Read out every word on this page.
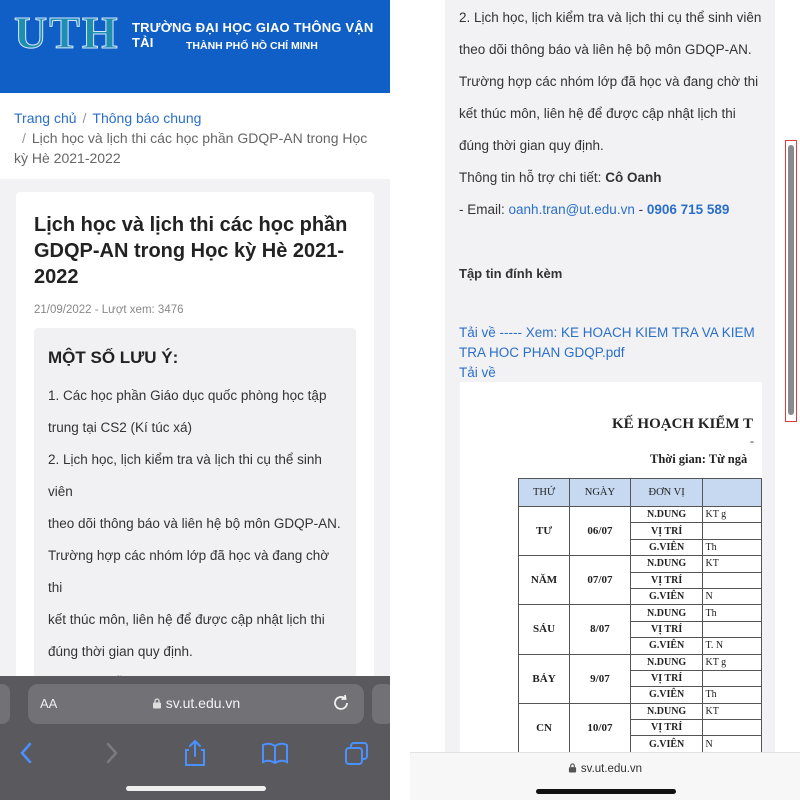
UTH TRƯỜNG ĐẠI HỌC GIAO THÔNG VẬN TẢI	THÀNH PHỐ HỒ CHÍ MINH
Trang chủ / Thông báo chung
/ Lịch học và lịch thi các học phần GDQP-AN trong Học kỳ Hè 2021-2022
Lịch học và lịch thi các học phần GDQP-AN trong Học kỳ Hè 2021-2022
21/09/2022 - Lượt xem: 3476
MỘT SỐ LƯU Ý:
1. Các học phần Giáo dục quốc phòng học tập
trung tại CS2 (Kí túc xá)
2. Lịch học, lịch kiểm tra và lịch thi cụ thể sinh viên
theo dõi thông báo và liên hệ bộ môn GDQP-AN.
Trường hợp các nhóm lớp đã học và đang chờ thi
kết thúc môn, liên hệ để được cập nhật lịch thi
đúng thời gian quy định.
AA	sv.ut.edu.vn
2. Lịch học, lịch kiểm tra và lịch thi cụ thể sinh viên
theo dõi thông báo và liên hệ bộ môn GDQP-AN.
Trường hợp các nhóm lớp đã học và đang chờ thi
kết thúc môn, liên hệ để được cập nhật lịch thi
đúng thời gian quy định.
Thông tin hỗ trợ chi tiết: Cô Oanh
- Email: oanh.tran@ut.edu.vn - 0906 715 589
Tập tin đính kèm
Tải về ----- Xem: KE HOACH KIEM TRA VA KIEM
TRA HOC PHAN GDQP.pdf
Tải về
KẾ HOẠCH KIỂM T
-
Thời gian: Từ ngà
THỨ	NGÀY	ĐƠN VỊ	
TƯ	06/07	N.DUNG	KT g
		VỊ TRÍ	
		G.VIÊN	Th
NĂM	07/07	N.DUNG	KT
		VỊ TRÍ	
		G.VIÊN	N
SÁU	8/07	N.DUNG	Th
		VỊ TRÍ	
		G.VIÊN	T. N
BẢY	9/07	N.DUNG	KT g
		VỊ TRÍ	
		G.VIÊN	Th
CN	10/07	N.DUNG	KT
		VỊ TRÍ	
		G.VIÊN	N
sv.ut.edu.vn
